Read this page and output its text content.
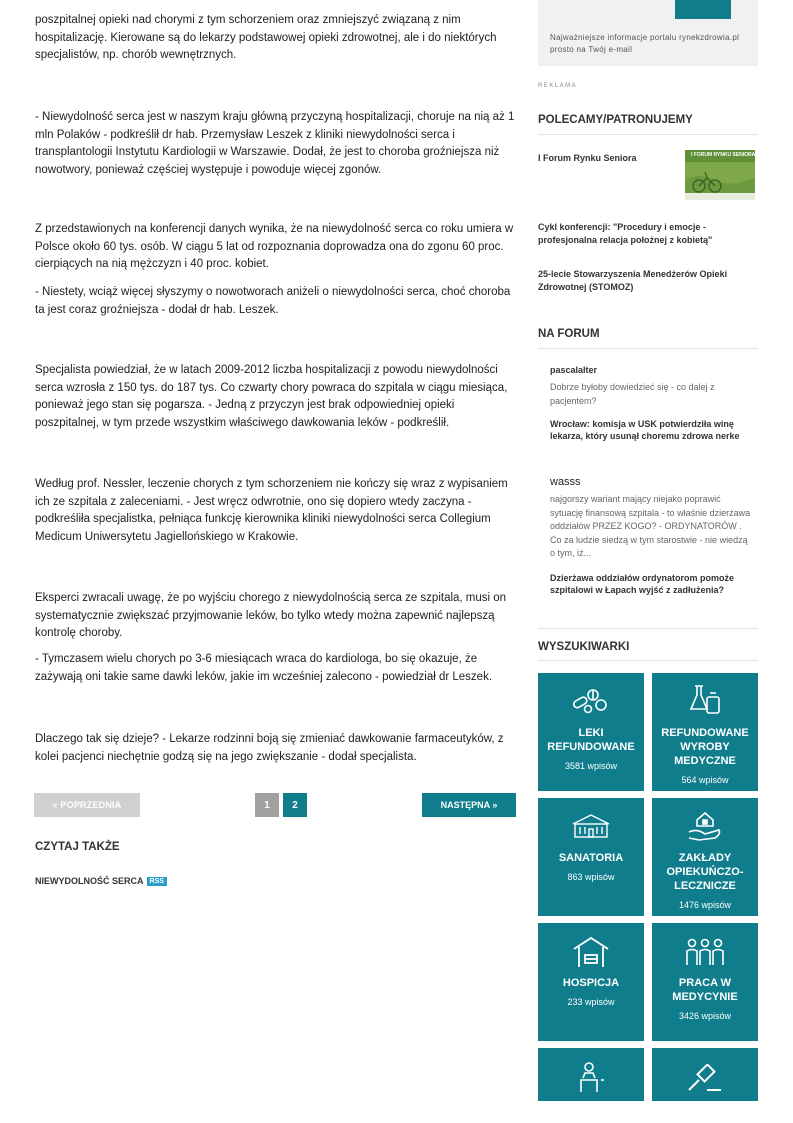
poszpitalnej opieki nad chorymi z tym schorzeniem oraz zmniejszyć związaną z nim hospitalizację. Kierowane są do lekarzy podstawowej opieki zdrowotnej, ale i do niektórych specjalistów, np. chorób wewnętrznych.

- Niewydolność serca jest w naszym kraju główną przyczyną hospitalizacji, choruje na nią aż 1 mln Polaków - podkreślił dr hab. Przemysław Leszek z kliniki niewydolności serca i transplantologii Instytutu Kardiologii w Warszawie. Dodał, że jest to choroba groźniejsza niż nowotwory, ponieważ częściej występuje i powoduje więcej zgonów.

Z przedstawionych na konferencji danych wynika, że na niewydolność serca co roku umiera w Polsce około 60 tys. osób. W ciągu 5 lat od rozpoznania doprowadza ona do zgonu 60 proc. cierpiących na nią mężczyzn i 40 proc. kobiet.

- Niestety, wciąż więcej słyszymy o nowotworach aniżeli o niewydolności serca, choć choroba ta jest coraz groźniejsza - dodał dr hab. Leszek.

Specjalista powiedział, że w latach 2009-2012 liczba hospitalizacji z powodu niewydolności serca wzrosła z 150 tys. do 187 tys. Co czwarty chory powraca do szpitala w ciągu miesiąca, ponieważ jego stan się pogarsza. - Jedną z przyczyn jest brak odpowiedniej opieki poszpitalnej, w tym przede wszystkim właściwego dawkowania leków - podkreślił.

Według prof. Nessler, leczenie chorych z tym schorzeniem nie kończy się wraz z wypisaniem ich ze szpitala z zaleceniami. - Jest wręcz odwrotnie, ono się dopiero wtedy zaczyna - podkreśliła specjalistka, pełniąca funkcję kierownika kliniki niewydolności serca Collegium Medicum Uniwersytetu Jagiellońskiego w Krakowie.

Eksperci zwracali uwagę, że po wyjściu chorego z niewydolnością serca ze szpitala, musi on systematycznie zwiększać przyjmowanie leków, bo tylko wtedy można zapewnić najlepszą kontrolę choroby.

- Tymczasem wielu chorych po 3-6 miesiącach wraca do kardiologa, bo się okazuje, że zażywają oni takie same dawki leków, jakie im wcześniej zalecono - powiedział dr Leszek.

Dlaczego tak się dzieje? - Lekarze rodzinni boją się zmieniać dawkowanie farmaceutyków, z kolei pacjenci niechętnie godzą się na jego zwiększanie - dodał specjalista.

« POPRZEDNIA	1	2	NASTĘPNA »
CZYTAJ TAKŻE
NIEWYDOLNOŚĆ SERCA RSS
Najważniejsze informacje portalu rynekzdrowia.pl prosto na Twój e-mail
REKLAMA
POLECAMY/PATRONUJEMY
I Forum Rynku Seniora	I FORUM RYNKU SENIORA
Cykl konferencji: "Procedury i emocje - profesjonalna relacja położnej z kobietą"
25-lecie Stowarzyszenia Menedżerów Opieki Zdrowotnej (STOMOZ)
NA FORUM
pascalalter
Dobrze byłoby dowiedzieć się - co dalej z pacjentem?
Wrocław: komisja w USK potwierdziła winę lekarza, który usunął choremu zdrowa nerke
wasss
najgorszy wariant mający niejako poprawić sytuację finansową szpitala - to właśnie dzierżawa oddziałów PRZEZ KOGO? - ORDYNATORÓW . Co za ludzie siedzą w tym starostwie - nie wiedzą o tym, iż...
Dzierżawa oddziałów ordynatorom pomoże szpitalowi w Łapach wyjść z zadłużenia?
WYSZUKIWARKI
LEKI REFUNDOWANE
3581 wpisów
REFUNDOWANE WYROBY MEDYCZNE
564 wpisów
SANATORIA
863 wpisów
ZAKŁADY OPIEKUŃCZO-LECZNICZE
1476 wpisów
HOSPICJA
233 wpisów
PRACA W MEDYCYNIE
3426 wpisów
